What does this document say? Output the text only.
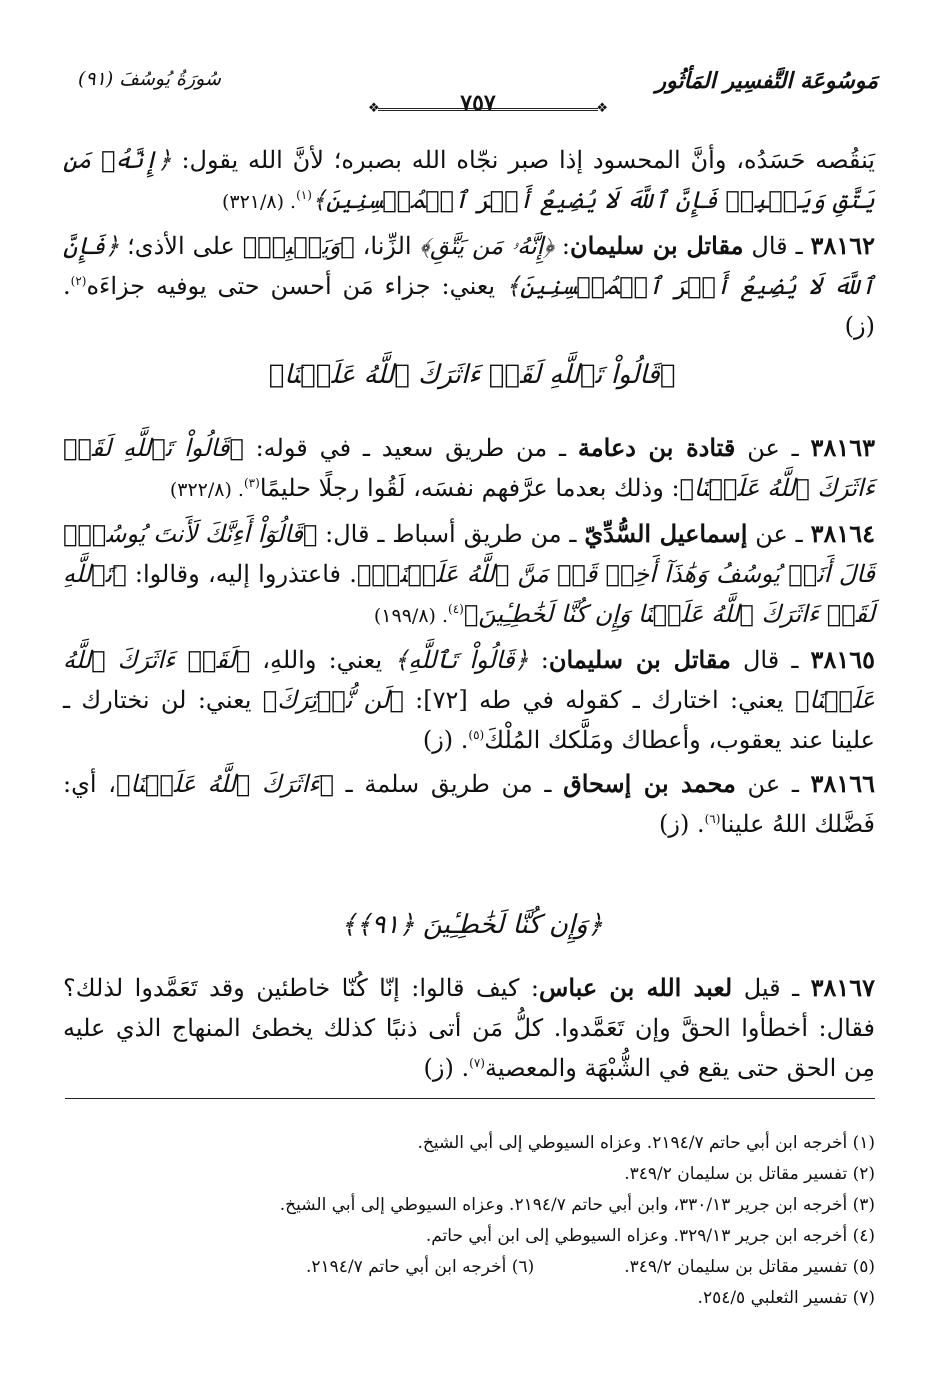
مَوسُوعَة التَّفسِير المَأثُور
سُورَةُ يُوسُفَ (٩١)
❖
٧٥٧
❖

يَنقُصه حَسَدُه، وأنَّ المحسود إذا صبر نجّاه الله بصبره؛ لأنَّ الله يقول: ﴿إِنَّهُۥ مَن يَتَّقِ وَيَصۡبِرۡ فَإِنَّ ٱللَّهَ لَا يُضِيعُ أَجۡرَ ٱلۡمُحۡسِنِينَ﴾$^{(١)}$. (٣٢١/٨)

٣٨١٦٢ ـ قال مقاتل بن سليمان: ﴿إِنَّهُۥ مَن يَتَّقِ﴾ الزِّنا، ﴿وَيَصۡبِرۡ﴾ على الأذى؛ ﴿فَإِنَّ ٱللَّهَ لَا يُضِيعُ أَجۡرَ ٱلۡمُحۡسِنِينَ﴾ يعني: جزاء مَن أحسن حتى يوفيه جزاءَه$^{(٢)}$. (ز)

﴿قَالُواْ تَٱللَّهِ لَقَدۡ ءَاثَرَكَ ٱللَّهُ عَلَيۡنَا﴾

٣٨١٦٣ ـ عن قتادة بن دعامة ـ من طريق سعيد ـ في قوله: ﴿قَالُواْ تَٱللَّهِ لَقَدۡ ءَاثَرَكَ ٱللَّهُ عَلَيۡنَا﴾: وذلك بعدما عرَّفهم نفسَه، لَقُوا رجلًا حليمًا$^{(٣)}$. (٣٢٢/٨)

٣٨١٦٤ ـ عن إسماعيل السُّدِّيّ ـ من طريق أسباط ـ قال: ﴿قَالُوٓاْ أَءِنَّكَ لَأَنتَ يُوسُفُۖ قَالَ أَنَا۠ يُوسُفُ وَهَٰذَآ أَخِيۖ قَدۡ مَنَّ ٱللَّهُ عَلَيۡنَآۖ﴾. فاعتذروا إليه، وقالوا: ﴿تَٱللَّهِ لَقَدۡ ءَاثَرَكَ ٱللَّهُ عَلَيۡنَا وَإِن كُنَّا لَخَٰطِـِٔينَ﴾$^{(٤)}$. (١٩٩/٨)

٣٨١٦٥ ـ قال مقاتل بن سليمان: ﴿قَالُواْ تَٱللَّهِ﴾ يعني: واللهِ، ﴿لَقَدۡ ءَاثَرَكَ ٱللَّهُ عَلَيۡنَا﴾ يعني: اختارك ـ كقوله في طه [٧٢]: ﴿لَن نُّؤۡثِرَكَ﴾ يعني: لن نختارك ـ علينا عند يعقوب، وأعطاك ومَلَّكك المُلْكَ$^{(٥)}$. (ز)

٣٨١٦٦ ـ عن محمد بن إسحاق ـ من طريق سلمة ـ ﴿ءَاثَرَكَ ٱللَّهُ عَلَيۡنَا﴾، أي: فَضَّلك اللهُ علينا$^{(٦)}$. (ز)

﴿وَإِن كُنَّا لَخَٰطِـِٔينَ ﴿٩١﴾﴾

٣٨١٦٧ ـ قيل لعبد الله بن عباس: كيف قالوا: إنّا كُنّا خاطئين وقد تَعَمَّدوا لذلك؟ فقال: أخطأوا الحقَّ وإن تَعَمَّدوا. كلُّ مَن أتى ذنبًا كذلك يخطئ المنهاج الذي عليه مِن الحق حتى يقع في الشُّبْهَة والمعصية$^{(٧)}$. (ز)

(١) أخرجه ابن أبي حاتم ٢١٩٤/٧. وعزاه السيوطي إلى أبي الشيخ.

(٢) تفسير مقاتل بن سليمان ٣٤٩/٢.

(٣) أخرجه ابن جرير ٣٣٠/١٣، وابن أبي حاتم ٢١٩٤/٧. وعزاه السيوطي إلى أبي الشيخ.

(٤) أخرجه ابن جرير ٣٢٩/١٣. وعزاه السيوطي إلى ابن أبي حاتم.

(٥) تفسير مقاتل بن سليمان ٣٤٩/٢.
(٦) أخرجه ابن أبي حاتم ٢١٩٤/٧.

(٧) تفسير الثعلبي ٢٥٤/٥.
